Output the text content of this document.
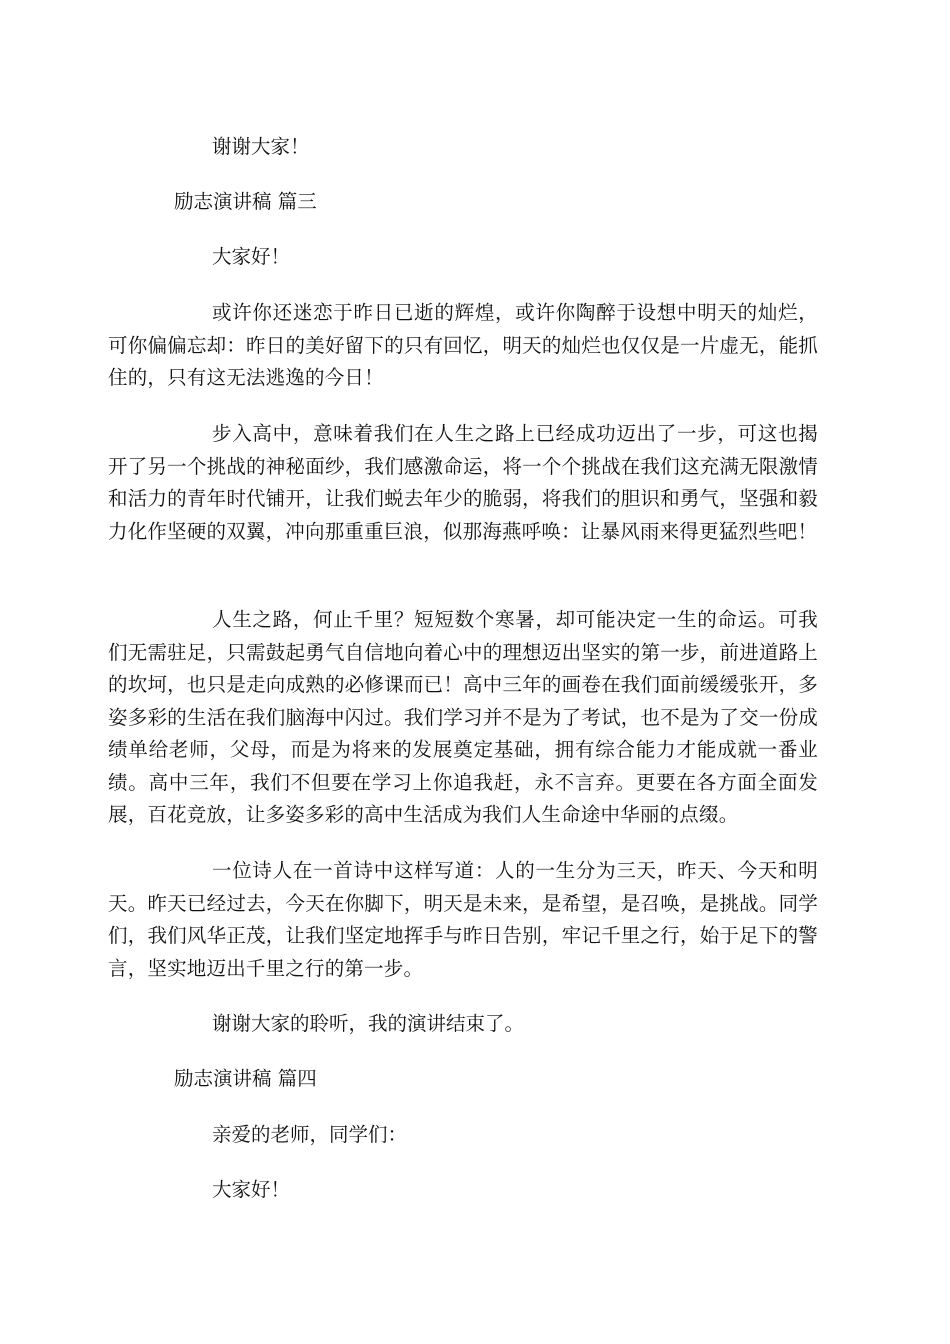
谢谢大家！

励志演讲稿 篇三

大家好！

或许你还迷恋于昨日已逝的辉煌，或许你陶醉于设想中明天的灿烂，可你偏偏忘却：昨日的美好留下的只有回忆，明天的灿烂也仅仅是一片虚无，能抓住的，只有这无法逃逸的今日！

步入高中，意味着我们在人生之路上已经成功迈出了一步，可这也揭开了另一个挑战的神秘面纱，我们感激命运，将一个个挑战在我们这充满无限激情和活力的青年时代铺开，让我们蜕去年少的脆弱，将我们的胆识和勇气，坚强和毅力化作坚硬的双翼，冲向那重重巨浪，似那海燕呼唤：让暴风雨来得更猛烈些吧！

人生之路，何止千里？短短数个寒暑，却可能决定一生的命运。可我们无需驻足，只需鼓起勇气自信地向着心中的理想迈出坚实的第一步，前进道路上的坎坷，也只是走向成熟的必修课而已！高中三年的画卷在我们面前缓缓张开，多姿多彩的生活在我们脑海中闪过。我们学习并不是为了考试，也不是为了交一份成绩单给老师，父母，而是为将来的发展奠定基础，拥有综合能力才能成就一番业绩。高中三年，我们不但要在学习上你追我赶，永不言弃。更要在各方面全面发展，百花竞放，让多姿多彩的高中生活成为我们人生命途中华丽的点缀。

一位诗人在一首诗中这样写道：人的一生分为三天，昨天、今天和明天。昨天已经过去，今天在你脚下，明天是未来，是希望，是召唤，是挑战。同学们，我们风华正茂，让我们坚定地挥手与昨日告别，牢记千里之行，始于足下的警言，坚实地迈出千里之行的第一步。

谢谢大家的聆听，我的演讲结束了。

励志演讲稿 篇四

亲爱的老师，同学们：

大家好！
